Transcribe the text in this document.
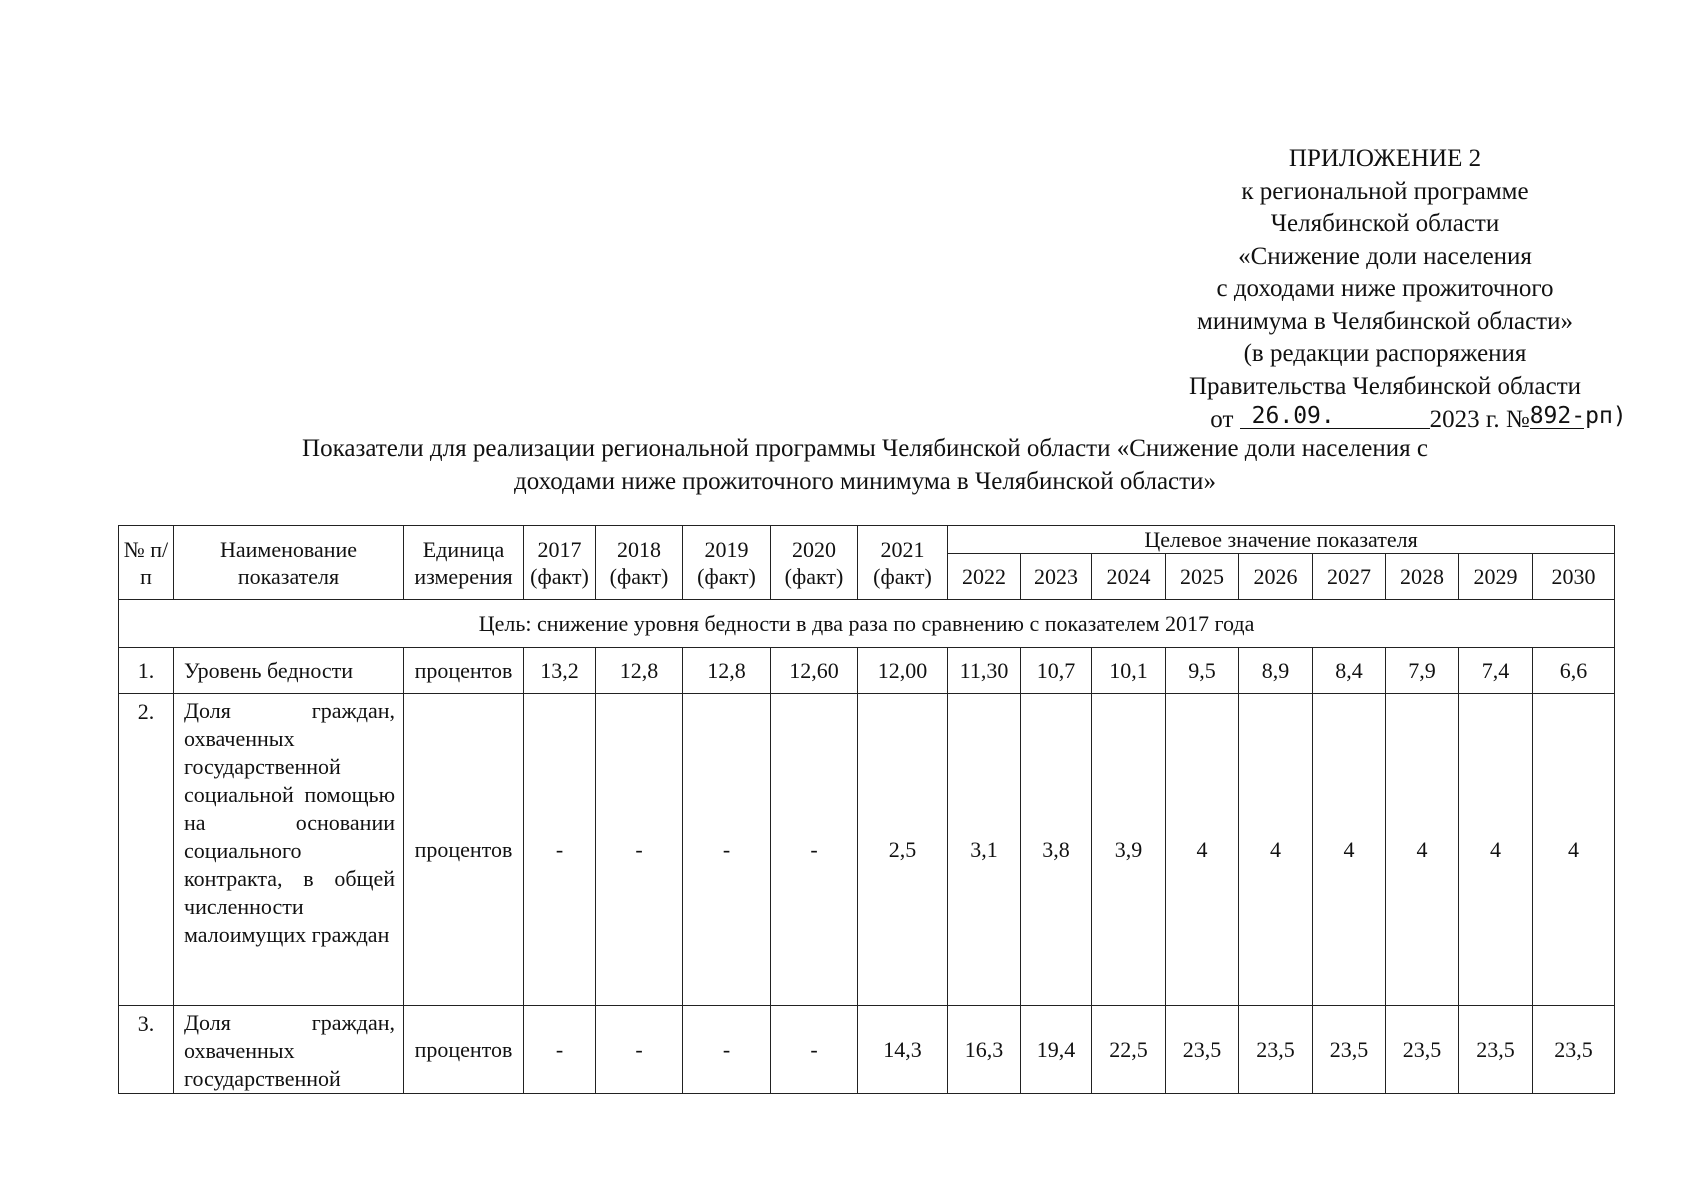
ПРИЛОЖЕНИЕ 2
к региональной программе
Челябинской области
«Снижение доли населения
с доходами ниже прожиточного
минимума в Челябинской области»
(в редакции распоряжения
Правительства Челябинской области
от 26.09.	2023 г. №892-рп)
Показатели для реализации региональной программы Челябинской области «Снижение доли населения с
доходами ниже прожиточного минимума в Челябинской области»
№ п/п	Наименование показателя	Единица измерения	2017 (факт)	2018 (факт)	2019 (факт)	2020 (факт)	2021 (факт)	Целевое значение показателя								
								2022	2023	2024	2025	2026	2027	2028	2029	2030
Цель: снижение уровня бедности в два раза по сравнению с показателем 2017 года																
1.	Уровень бедности	процентов	13,2	12,8	12,8	12,60	12,00	11,30	10,7	10,1	9,5	8,9	8,4	7,9	7,4	6,6
2.	Доля граждан, охваченных государственной социальной помощью на основании социального контракта, в общей численности малоимущих граждан	процентов	-	-	-	-	2,5	3,1	3,8	3,9	4	4	4	4	4	4
3.	Доля граждан, охваченных государственной	процентов	-	-	-	-	14,3	16,3	19,4	22,5	23,5	23,5	23,5	23,5	23,5	23,5
